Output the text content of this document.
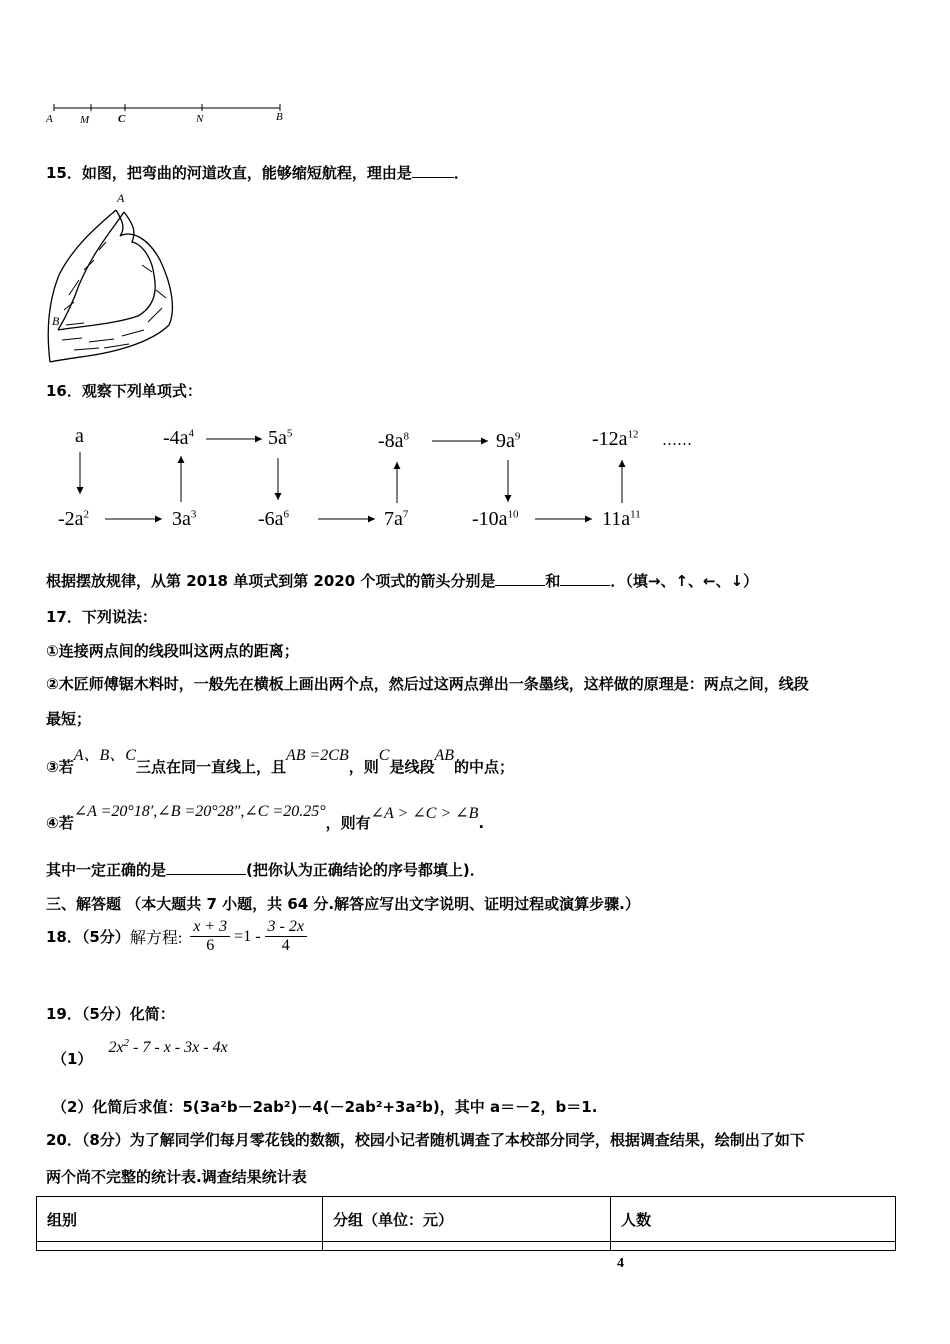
A M	C	N	B
15．如图，把弯曲的河道改直，能够缩短航程，理由是	．
A
B
16．观察下列单项式：
a
$-2a^2$	$3a^3$
$-4a^4$	$5a^5$
$-6a^6$	$7a^7$
$-8a^8$	$9a^9$
$-10a^{10}$	$11a^{11}$
$-12a^{12}$ ……
根据摆放规律，从第 2018 单项式到第 2020 个项式的箭头分别是	和	．（填→、↑、←、↓）
17．下列说法：
①连接两点间的线段叫这两点的距离；
②木匠师傅锯木料时，一般先在横板上画出两个点，然后过这两点弹出一条墨线，这样做的原理是：两点之间，线段
最短；
③若A、B、C三点在同一直线上，且AB =2CB，则C是线段AB的中点；
④若∠A =20°18′,∠B =20°28″,∠C =20.25°，则有∠A > ∠C > ∠B.
其中一定正确的是	(把你认为正确结论的序号都填上)．
三、解答题 （本大题共 7 小题，共 64 分.解答应写出文字说明、证明过程或演算步骤.）
18．（5分） 解方程: $\frac{x + 3}{6} =1 - \frac{3 - 2x}{4}$
19．（5分）化简：
$(1)2x^2 - 7$ - x - 3x - 4x
（2）化简后求值：5(3a²b－2ab²)－4(－2ab²+3a²b)，其中 a＝－2，b＝1.
20．（8分）为了解同学们每月零花钱的数额，校园小记者随机调查了本校部分同学，根据调查结果，绘制出了如下
两个尚不完整的统计表.调查结果统计表
组别	分组（单位：元）	人数

4
